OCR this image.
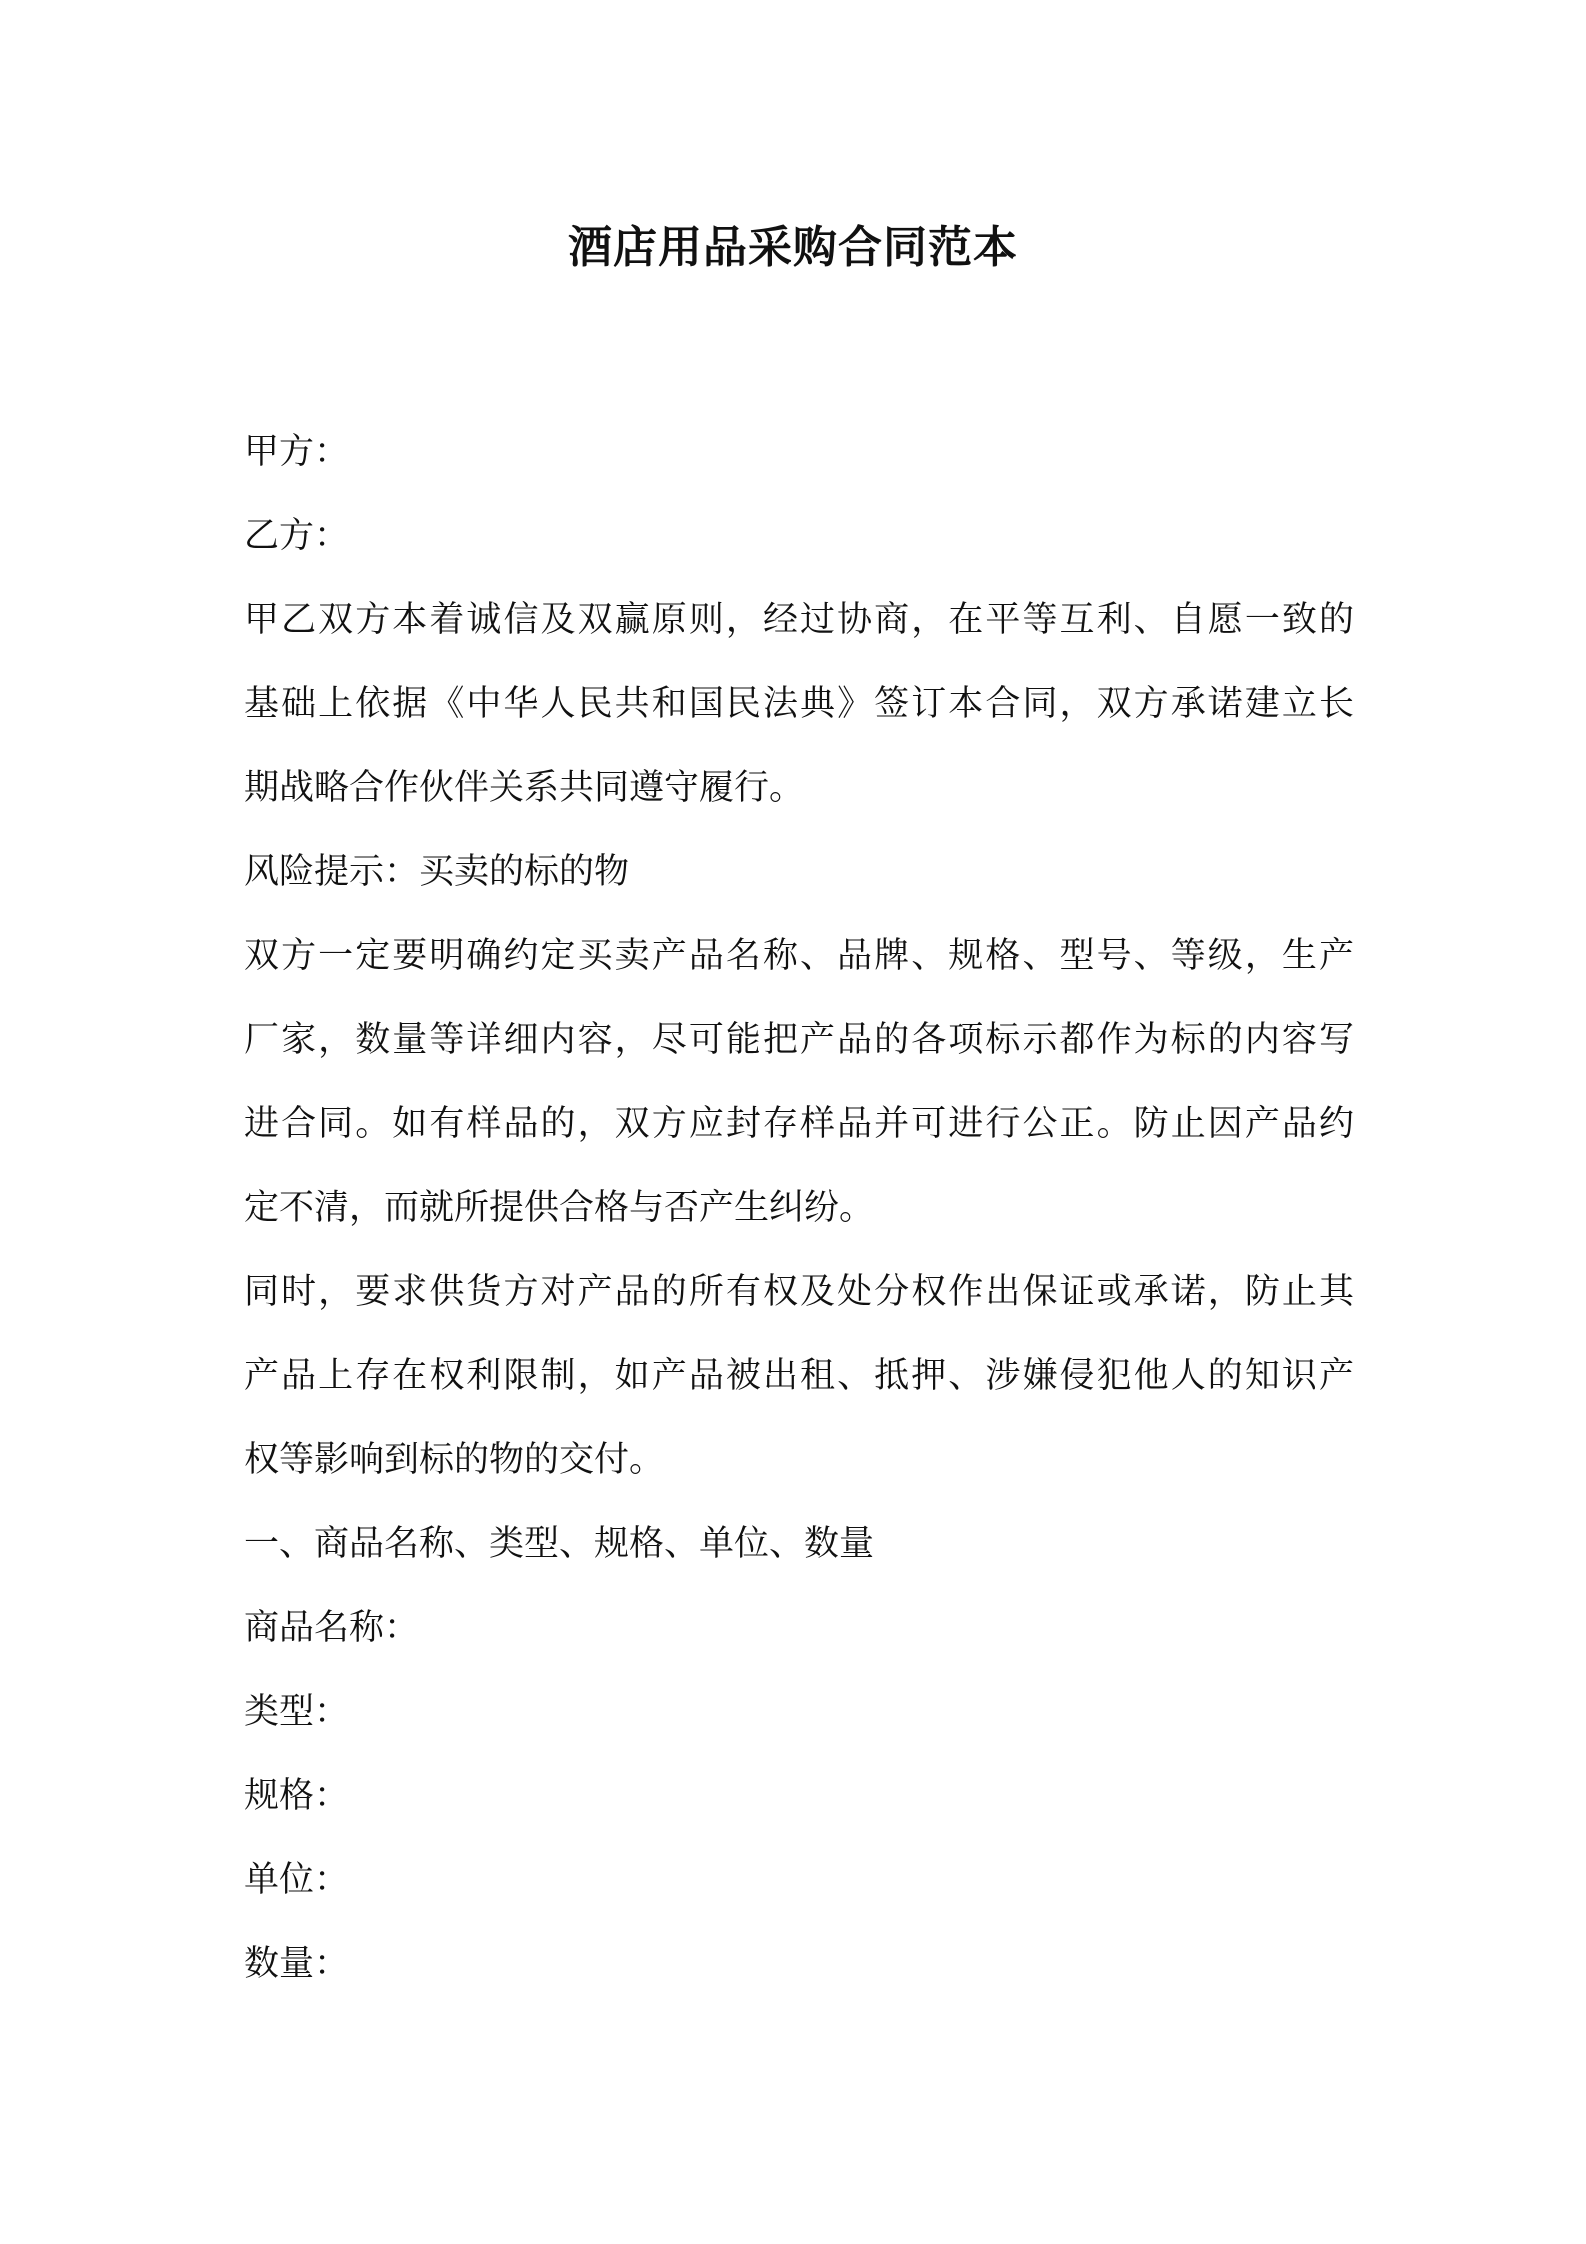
酒店用品采购合同范本
甲方：
乙方：
甲乙双方本着诚信及双赢原则，经过协商，在平等互利、自愿一致的
基础上依据《中华人民共和国民法典》签订本合同，双方承诺建立长
期战略合作伙伴关系共同遵守履行。
风险提示：买卖的标的物
双方一定要明确约定买卖产品名称、品牌、规格、型号、等级，生产
厂家，数量等详细内容，尽可能把产品的各项标示都作为标的内容写
进合同。如有样品的，双方应封存样品并可进行公正。防止因产品约
定不清，而就所提供合格与否产生纠纷。
同时，要求供货方对产品的所有权及处分权作出保证或承诺，防止其
产品上存在权利限制，如产品被出租、抵押、涉嫌侵犯他人的知识产
权等影响到标的物的交付。
一、商品名称、类型、规格、单位、数量
商品名称：
类型：
规格：
单位：
数量：
